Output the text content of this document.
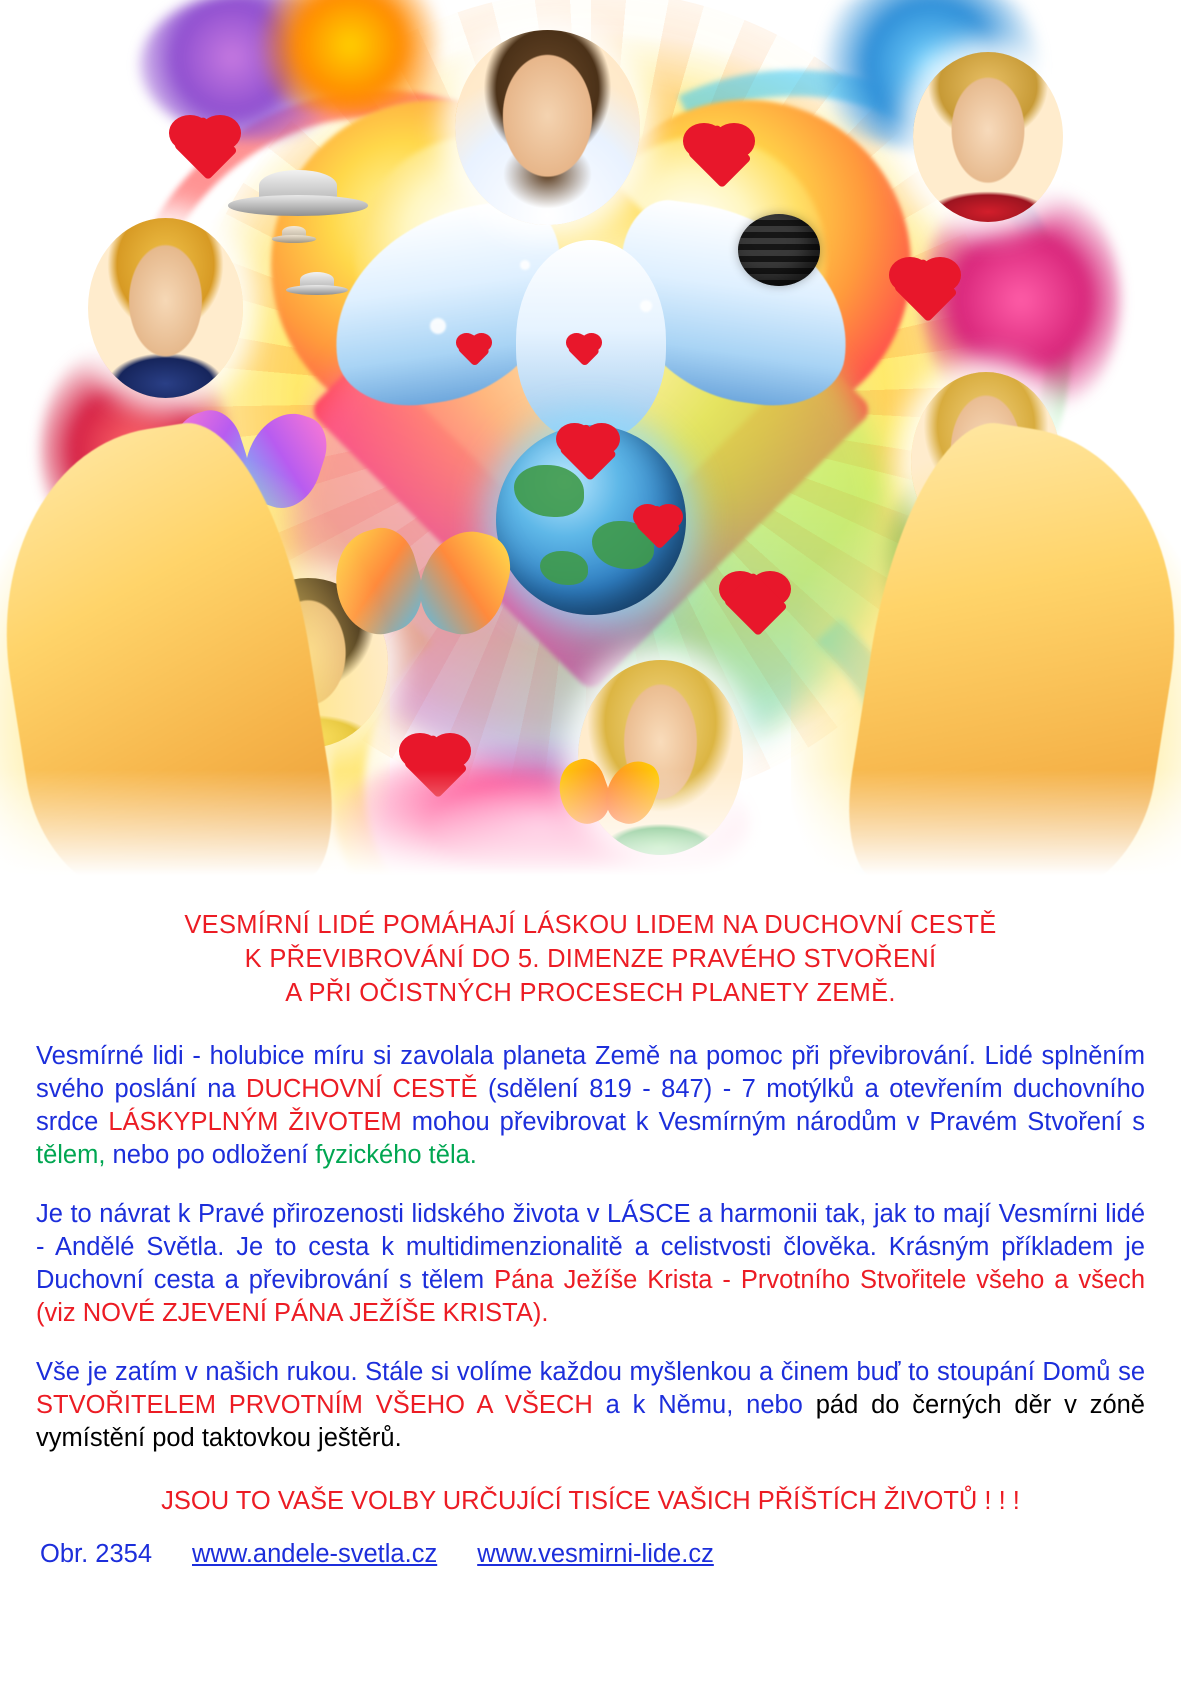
VESMÍRNÍ LIDÉ POMÁHAJÍ LÁSKOU LIDEM NA DUCHOVNÍ CESTĚ
K PŘEVIBROVÁNÍ DO 5. DIMENZE PRAVÉHO STVOŘENÍ
A PŘI OČISTNÝCH PROCESECH PLANETY ZEMĚ.

Vesmírné lidi - holubice míru si zavolala planeta Země na pomoc při převibrování. Lidé splněním svého poslání na DUCHOVNÍ CESTĚ (sdělení 819 - 847) - 7 motýlků a otevřením duchovního srdce LÁSKYPLNÝM ŽIVOTEM mohou převibrovat k Vesmírným národům v Pravém Stvoření s tělem, nebo po odložení fyzického těla.

Je to návrat k Pravé přirozenosti lidského života v LÁSCE a harmonii tak, jak to mají Vesmírni lidé - Andělé Světla. Je to cesta k multidimenzionalitě a celistvosti člověka. Krásným příkladem je Duchovní cesta a převibrování s tělem Pána Ježíše Krista - Prvotního Stvořitele všeho a všech (viz NOVÉ ZJEVENÍ PÁNA JEŽÍŠE KRISTA).

Vše je zatím v našich rukou. Stále si volíme každou myšlenkou a činem buď to stoupání Domů se STVOŘITELEM PRVOTNÍM VŠEHO A VŠECH a k Němu, nebo pád do černých děr v zóně vymístění pod taktovkou ještěrů.

JSOU TO VAŠE VOLBY URČUJÍCÍ TISÍCE VAŠICH PŘÍŠTÍCH ŽIVOTŮ ! ! !
Obr. 2354 www.andele-svetla.cz www.vesmirni-lide.cz
